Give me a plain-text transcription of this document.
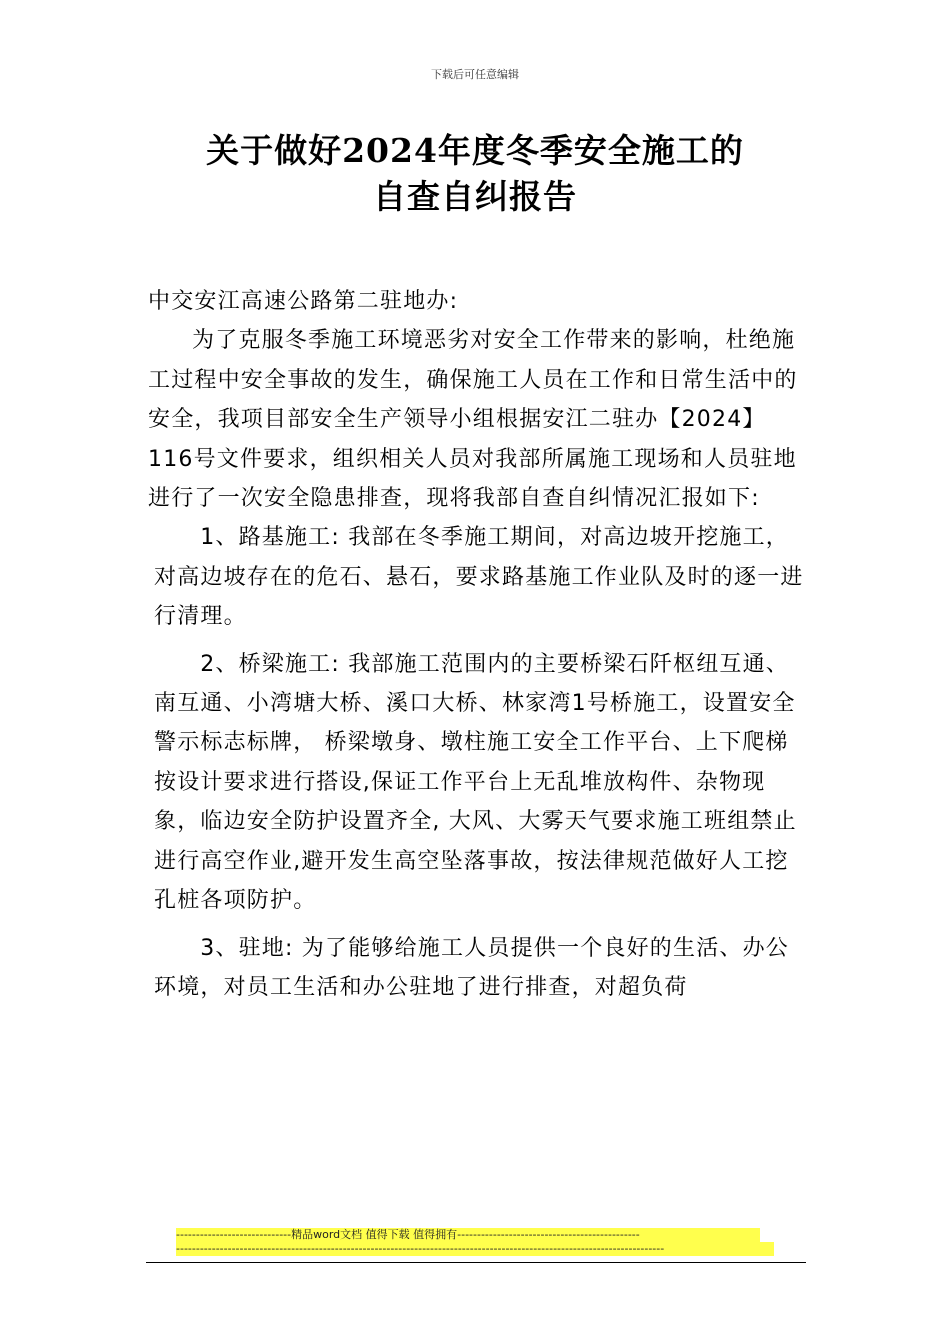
下载后可任意编辑
关于做好2024年度冬季安全施工的
自查自纠报告

中交安江高速公路第二驻地办:

为了克服冬季施工环境恶劣对安全工作带来的影响，杜绝施工过程中安全事故的发生，确保施工人员在工作和日常生活中的安全，我项目部安全生产领导小组根据安江二驻办【2024】116号文件要求，组织相关人员对我部所属施工现场和人员驻地进行了一次安全隐患排查，现将我部自查自纠情况汇报如下:

1、路基施工: 我部在冬季施工期间，对高边坡开挖施工，对高边坡存在的危石、悬石，要求路基施工作业队及时的逐一进行清理。

2、桥梁施工: 我部施工范围内的主要桥梁石阡枢纽互通、南互通、小湾塘大桥、溪口大桥、林家湾1号桥施工，设置安全警示标志标牌， 桥梁墩身、墩柱施工安全工作平台、上下爬梯按设计要求进行搭设,保证工作平台上无乱堆放构件、杂物现象，临边安全防护设置齐全, 大风、大雾天气要求施工班组禁止进行高空作业,避开发生高空坠落事故，按法律规范做好人工挖孔桩各项防护。

3、驻地: 为了能够给施工人员提供一个良好的生活、办公环境，对员工生活和办公驻地了进行排查，对超负荷

-----------------------------精品word文档 值得下载 值得拥有----------------------------------------------
---------------------------------------------------------------------------------------------------------------------------
